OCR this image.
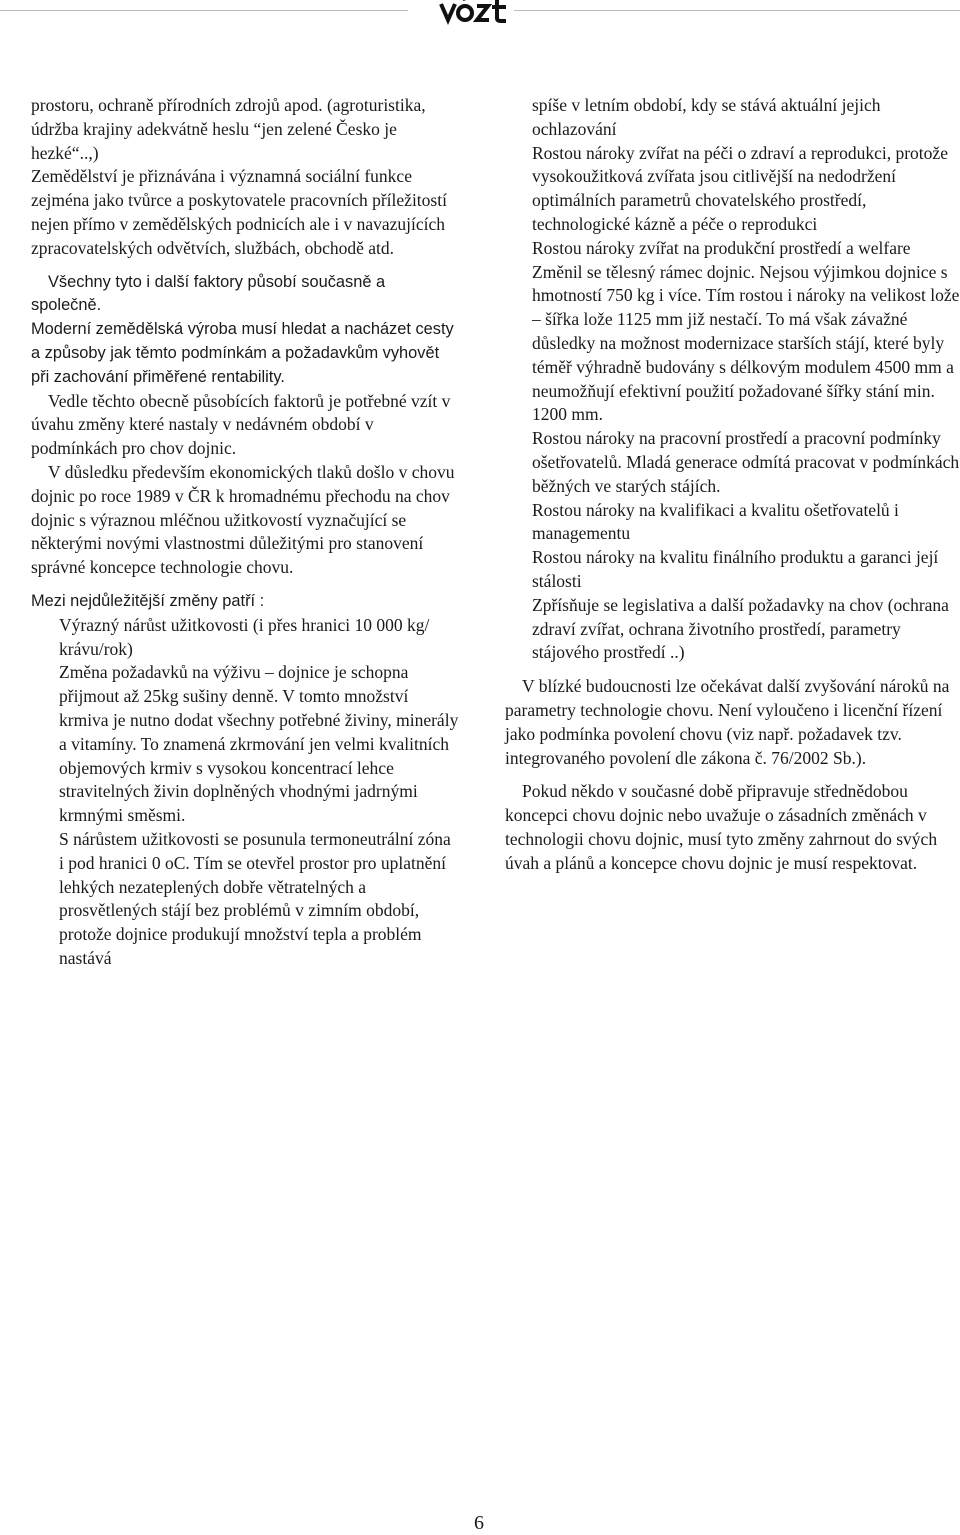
prostoru, ochraně přírodních zdrojů apod. (agroturistika, údržba krajiny adekvátně heslu “jen zelené Česko je hezké“..,)

Zemědělství je přiznávána i významná sociální funkce zejména jako tvůrce a poskytovatele pracovních příležitostí nejen přímo v zemědělských podnicích ale i v navazujících zpracovatelských odvětvích, službách, obchodě atd.

Všechny tyto i další faktory působí současně a společně.

Moderní zemědělská výroba musí hledat a nacházet cesty a způsoby jak těmto podmínkám a požadavkům vyhovět při zachování přiměřené rentability.

Vedle těchto obecně působících faktorů je potřebné vzít v úvahu změny které nastaly v nedávném období v podmínkách pro chov dojnic.

V důsledku především ekonomických tlaků došlo v chovu dojnic po roce 1989 v ČR k hromadnému přechodu na chov dojnic s výraznou mléčnou užitkovostí vyznačující se některými novými vlastnostmi důležitými pro stanovení správné koncepce technologie chovu.

Mezi nejdůležitější změny patří :

Výrazný nárůst užitkovosti (i přes hranici 10 000 kg/ krávu/rok)

Změna požadavků na výživu – dojnice je schopna přijmout až 25kg sušiny denně. V tomto množství krmiva je nutno dodat všechny potřebné živiny, minerály a vitamíny. To znamená zkrmování jen velmi kvalitních objemových krmiv s vysokou koncentrací lehce stravitelných živin doplněných vhodnými jadrnými krmnými směsmi.

S nárůstem užitkovosti se posunula termoneutrální zóna i pod hranici 0 oC. Tím se otevřel prostor pro uplatnění lehkých nezateplených dobře větratelných a prosvětlených stájí bez problémů v zimním období, protože dojnice produkují množství tepla a problém nastává

spíše v letním období, kdy se stává aktuální jejich ochlazování

Rostou nároky zvířat na péči o zdraví a reprodukci, protože vysokoužitková zvířata jsou citlivější na nedodržení optimálních parametrů chovatelského prostředí, technologické kázně a péče o reprodukci

Rostou nároky zvířat na produkční prostředí a welfare

Změnil se tělesný rámec dojnic. Nejsou výjimkou dojnice s hmotností 750 kg i více. Tím rostou i nároky na velikost lože – šířka lože 1125 mm již nestačí. To má však závažné důsledky na možnost modernizace starších stájí, které byly téměř výhradně budovány s délkovým modulem 4500 mm a neumožňují efektivní použití požadované šířky stání min. 1200 mm.

Rostou nároky na pracovní prostředí a pracovní podmínky ošetřovatelů. Mladá generace odmítá pracovat v podmínkách běžných ve starých stájích.

Rostou nároky na kvalifikaci a kvalitu ošetřovatelů i managementu

Rostou nároky na kvalitu finálního produktu a garanci její stálosti

Zpřísňuje se legislativa a další požadavky na chov (ochrana zdraví zvířat, ochrana životního prostředí, parametry stájového prostředí ..)

V blízké budoucnosti lze očekávat další zvyšování nároků na parametry technologie chovu. Není vyloučeno i licenční řízení jako podmínka povolení chovu (viz např. požadavek tzv. integrovaného povolení dle zákona č. 76/2002 Sb.).

Pokud někdo v současné době připravuje střednědobou koncepci chovu dojnic nebo uvažuje o zásadních změnách v technologii chovu dojnic, musí tyto změny zahrnout do svých úvah a plánů a koncepce chovu dojnic je musí respektovat.

6
